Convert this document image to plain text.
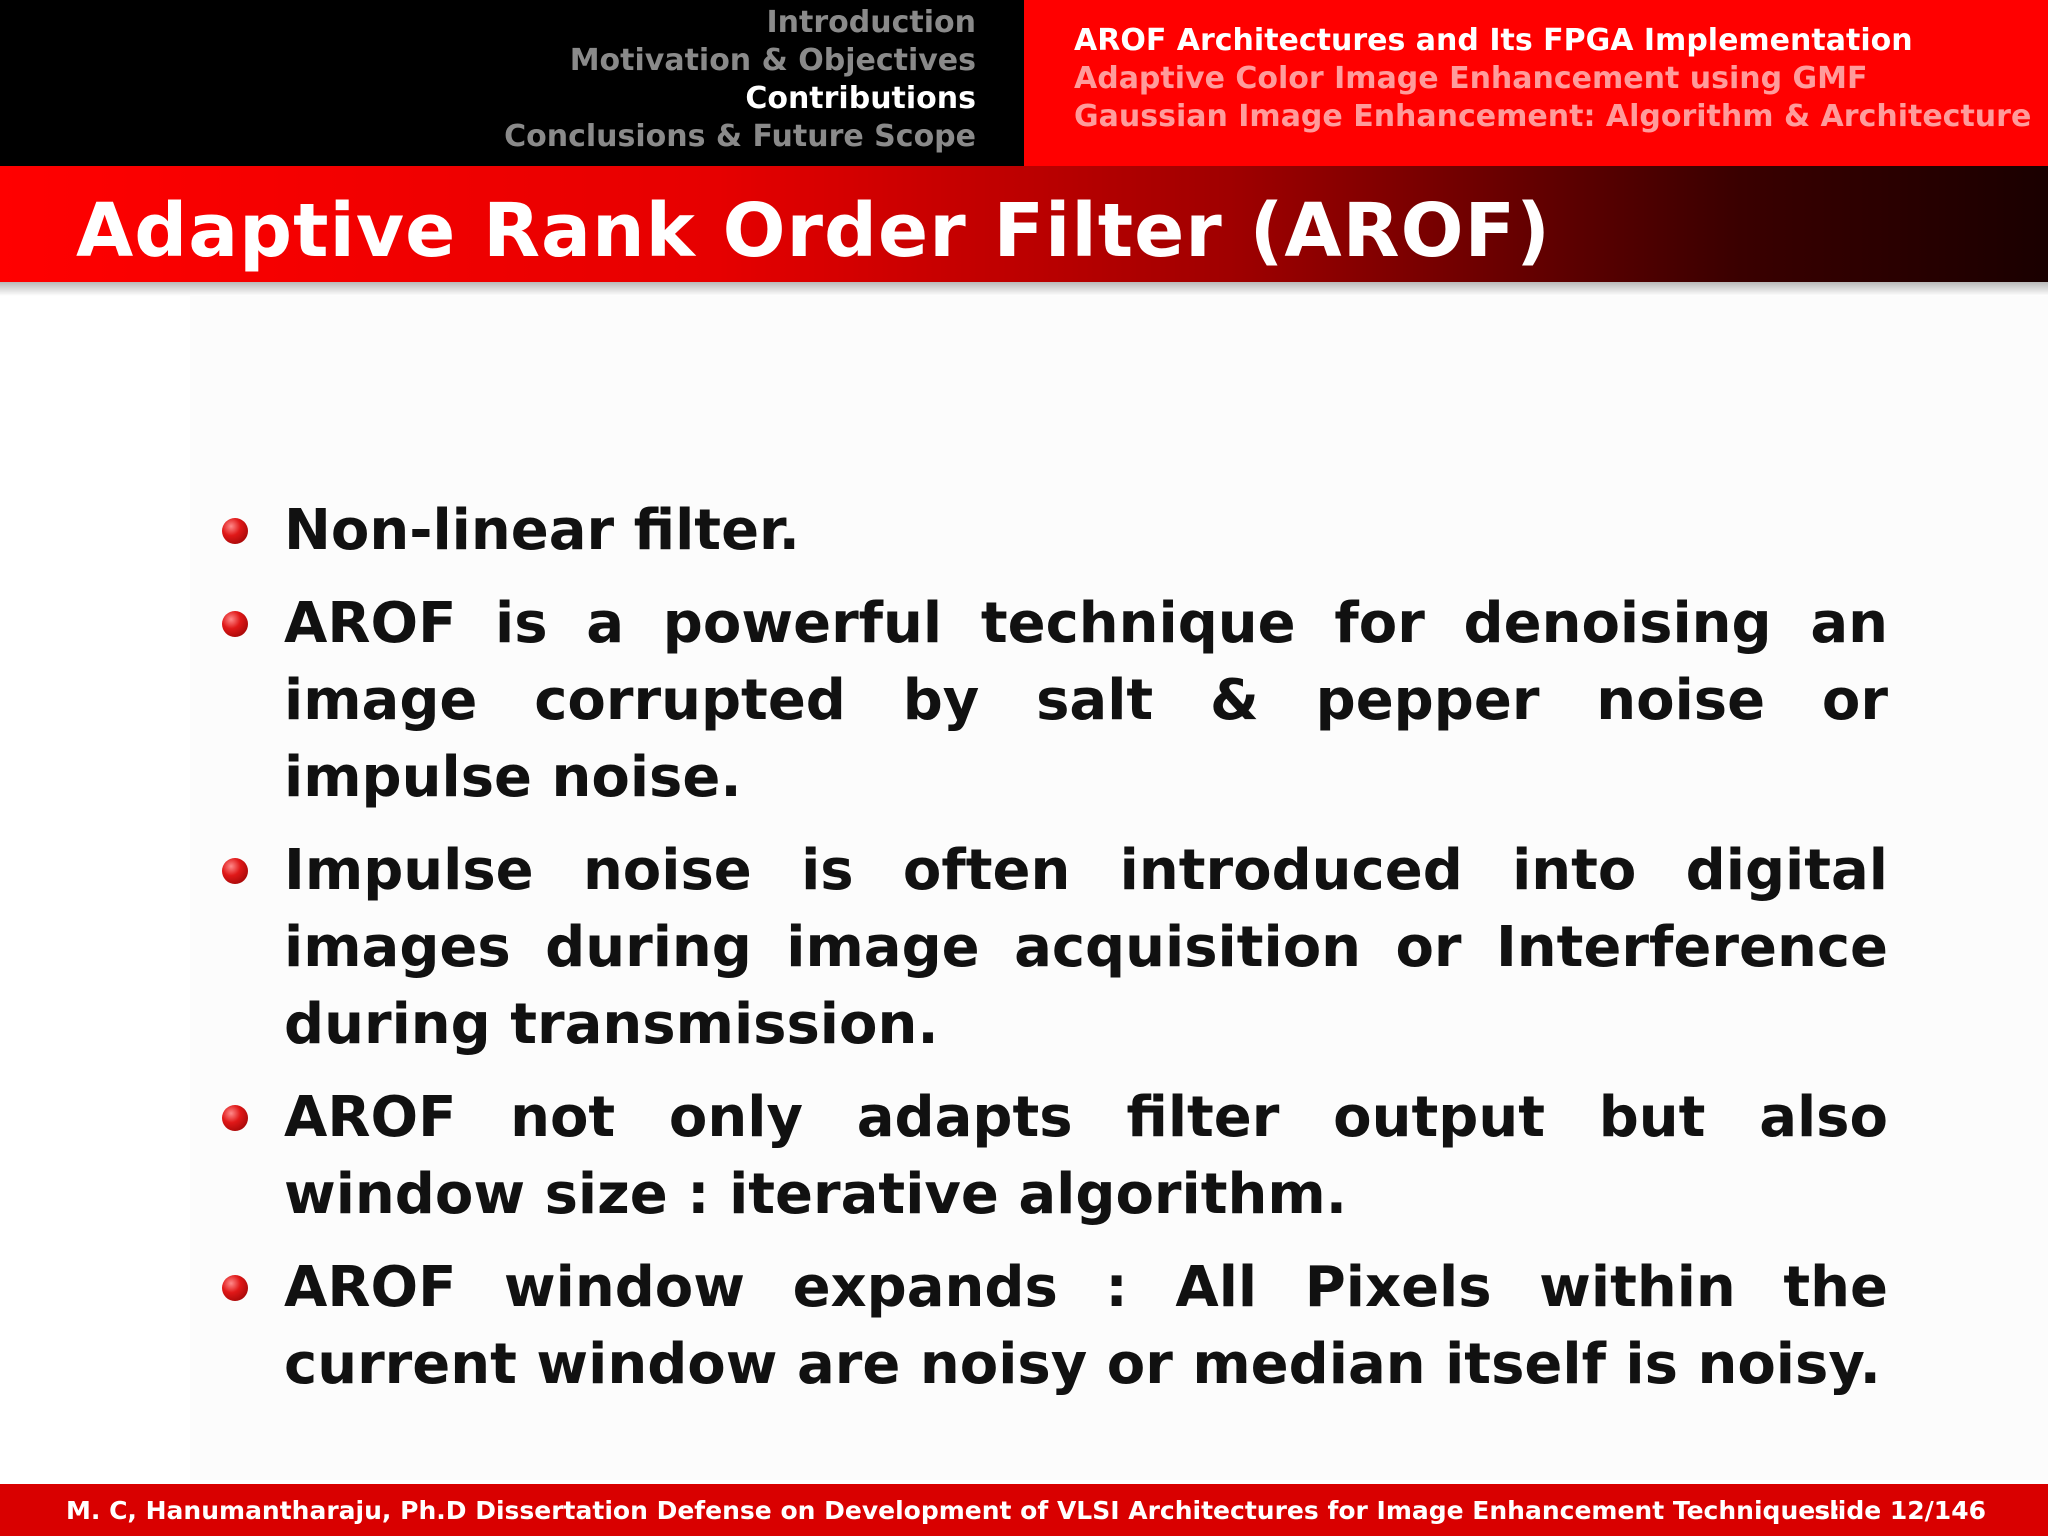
Introduction
Motivation & Objectives
Contributions
Conclusions & Future Scope
AROF Architectures and Its FPGA Implementation
Adaptive Color Image Enhancement using GMF
Gaussian Image Enhancement: Algorithm & Architecture
Adaptive Rank Order Filter (AROF)
Non-linear filter.
AROF is a powerful technique for denoising an image corrupted by salt & pepper noise or impulse noise.
Impulse noise is often introduced into digital images during image acquisition or Interference during transmission.
AROF not only adapts filter output but also window size : iterative algorithm.
AROF window expands : All Pixels within the current window are noisy or median itself is noisy.
M. C, Hanumantharaju, Ph.D Dissertation Defense on Development of VLSI Architectures for Image Enhancement Techniques:
slide 12/146
